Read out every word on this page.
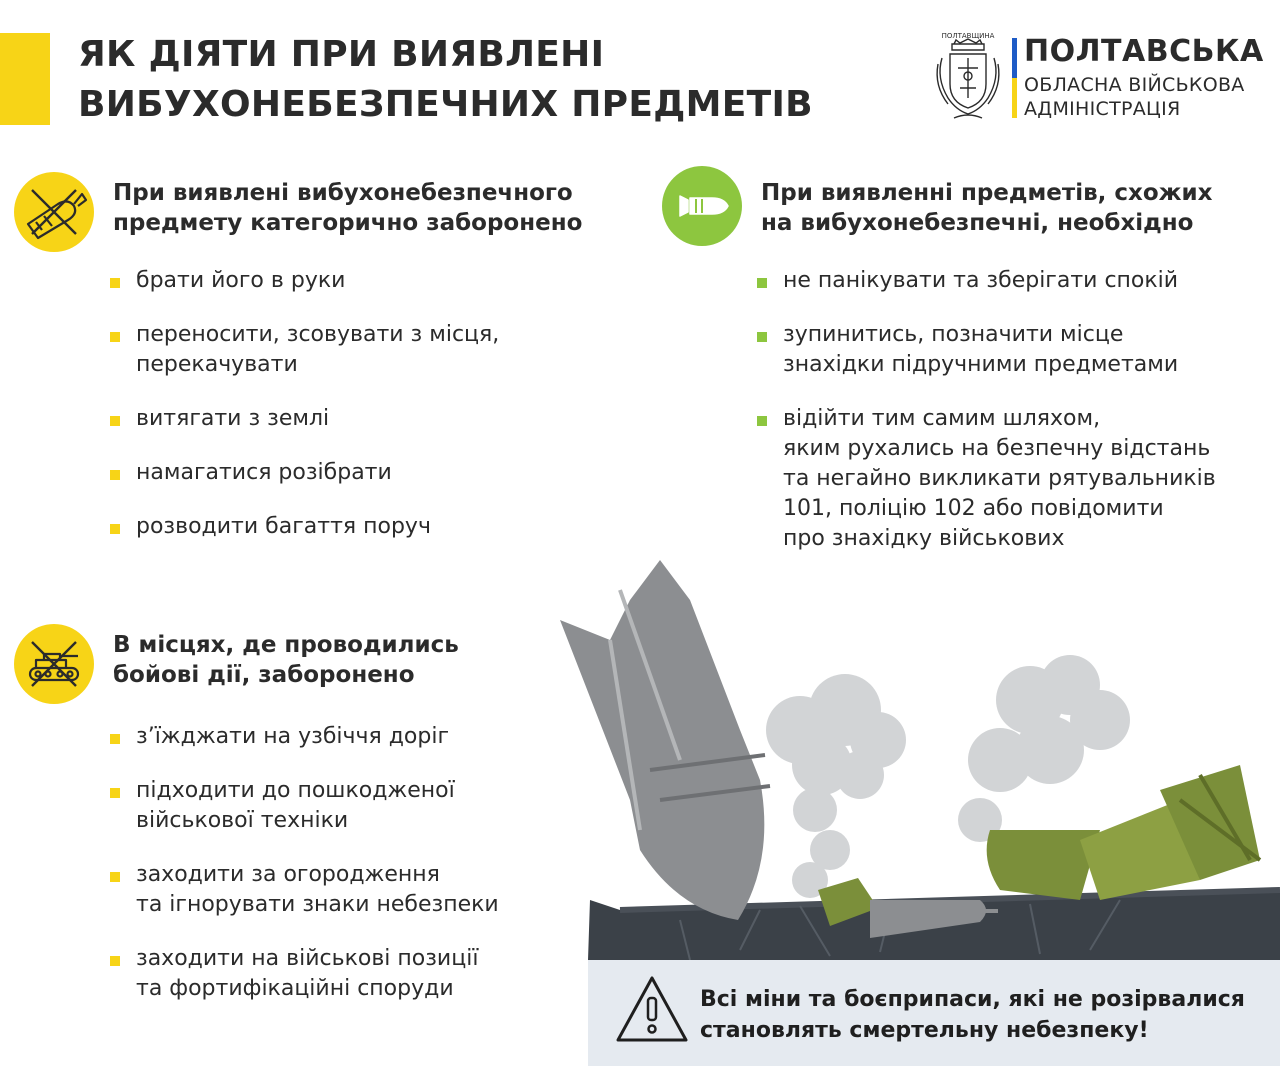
ЯК ДІЯТИ ПРИ ВИЯВЛЕНІ
ВИБУХОНЕБЕЗПЕЧНИХ ПРЕДМЕТІВ
ПОЛТАВЩИНА ПОЛТАВСЬКА
ОБЛАСНА ВІЙСЬКОВА
АДМІНІСТРАЦІЯ
При виявлені вибухонебезпечного
предмету категорично заборонено
брати його в руки
переносити, зсовувати з місця,
перекачувати
витягати з землі
намагатися розібрати
розводити багаття поруч
При виявленні предметів, схожих
на вибухонебезпечні, необхідно
не панікувати та зберігати спокій
зупинитись, позначити місце
знахідки підручними предметами
відійти тим самим шляхом,
яким рухались на безпечну відстань
та негайно викликати рятувальників
101, поліцію 102 або повідомити
про знахідку військових
В місцях, де проводились
бойові дії, заборонено
з’їжджати на узбіччя доріг
підходити до пошкодженої
військової техніки
заходити за огородження
та ігнорувати знаки небезпеки
заходити на військові позиції
та фортифікаційні споруди	Всі міни та боєприпаси, які не розірвалися
становлять смертельну небезпеку!
